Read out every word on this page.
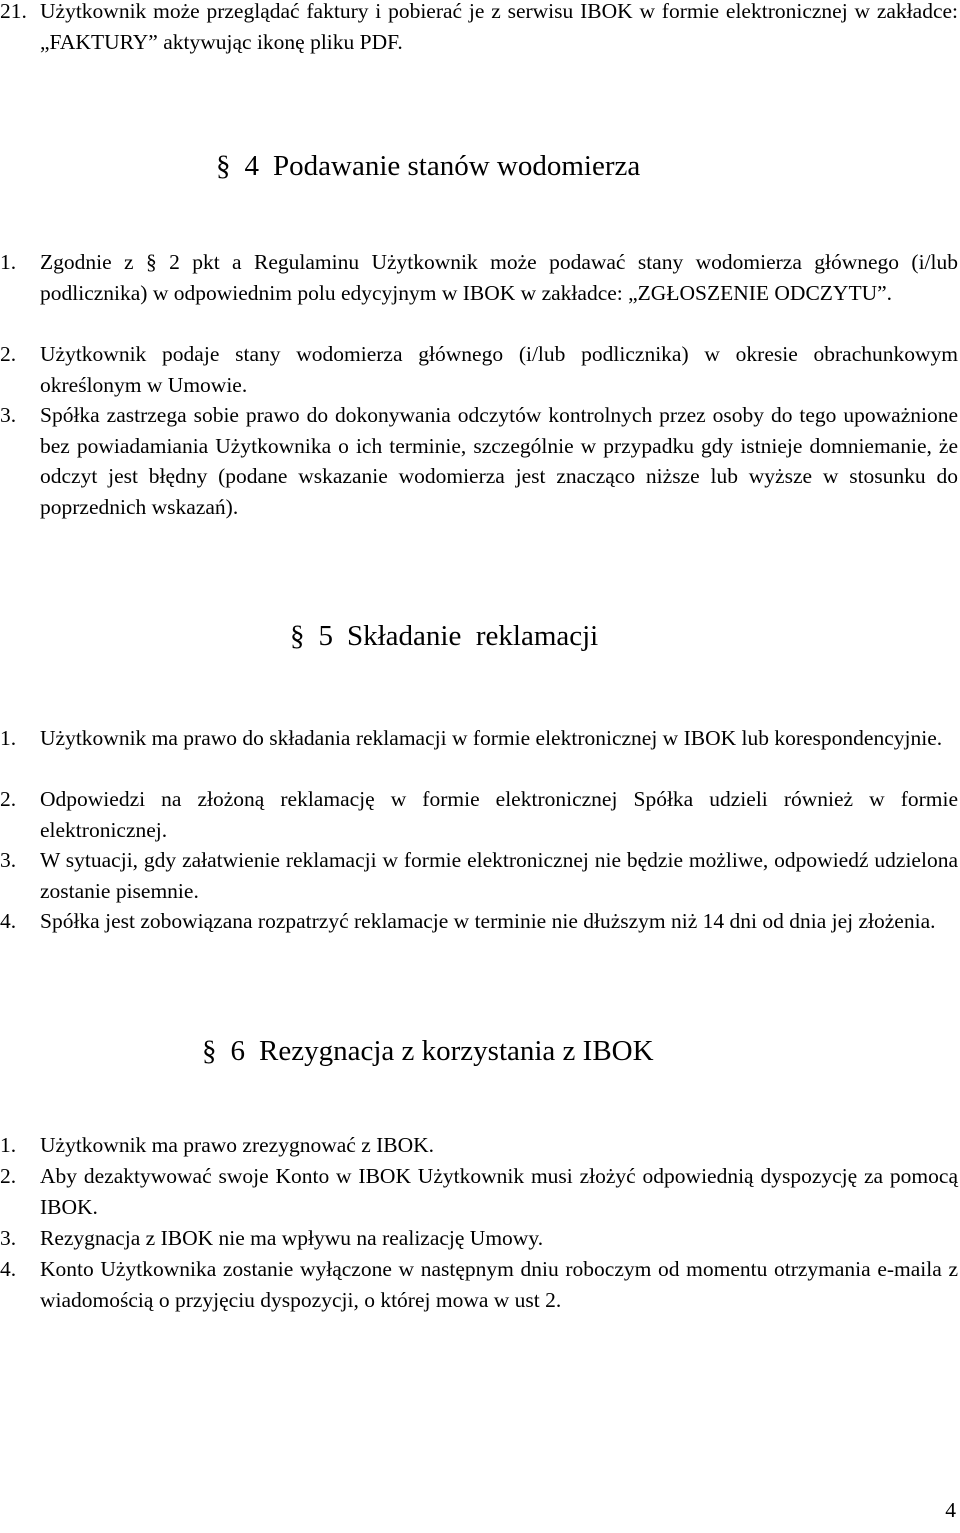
21. Użytkownik może przeglądać faktury i pobierać je z serwisu IBOK w formie elektronicznej w zakładce: „FAKTURY” aktywując ikonę pliku PDF.
§ 4 Podawanie stanów wodomierza
1. Zgodnie z § 2 pkt a Regulaminu Użytkownik może podawać stany wodomierza głównego (i/lub podlicznika) w odpowiednim polu edycyjnym w IBOK w zakładce: „ZGŁOSZENIE ODCZYTU”.
2. Użytkownik podaje stany wodomierza głównego (i/lub podlicznika) w okresie obrachunkowym określonym w Umowie.
3. Spółka zastrzega sobie prawo do dokonywania odczytów kontrolnych przez osoby do tego upoważnione bez powiadamiania Użytkownika o ich terminie, szczególnie w przypadku gdy istnieje domniemanie, że odczyt jest błędny (podane wskazanie wodomierza jest znacząco niższe lub wyższe w stosunku do poprzednich wskazań).
§ 5 Składanie  reklamacji
1. Użytkownik ma prawo do składania reklamacji w formie elektronicznej w IBOK lub korespondencyjnie.
2. Odpowiedzi na złożoną reklamację w formie elektronicznej Spółka udzieli również w formie elektronicznej.
3. W sytuacji, gdy załatwienie reklamacji w formie elektronicznej nie będzie możliwe, odpowiedź udzielona zostanie pisemnie.
4. Spółka jest zobowiązana rozpatrzyć reklamacje w terminie nie dłuższym niż 14 dni od dnia jej złożenia.
§ 6 Rezygnacja z korzystania z IBOK
1. Użytkownik ma prawo zrezygnować z IBOK.
2. Aby dezaktywować swoje Konto w IBOK Użytkownik musi złożyć odpowiednią dyspozycję za pomocą IBOK.
3. Rezygnacja z IBOK nie ma wpływu na realizację Umowy.
4. Konto Użytkownika zostanie wyłączone w następnym dniu roboczym od momentu otrzymania e-maila z wiadomością o przyjęciu dyspozycji, o której mowa w ust 2.
4
